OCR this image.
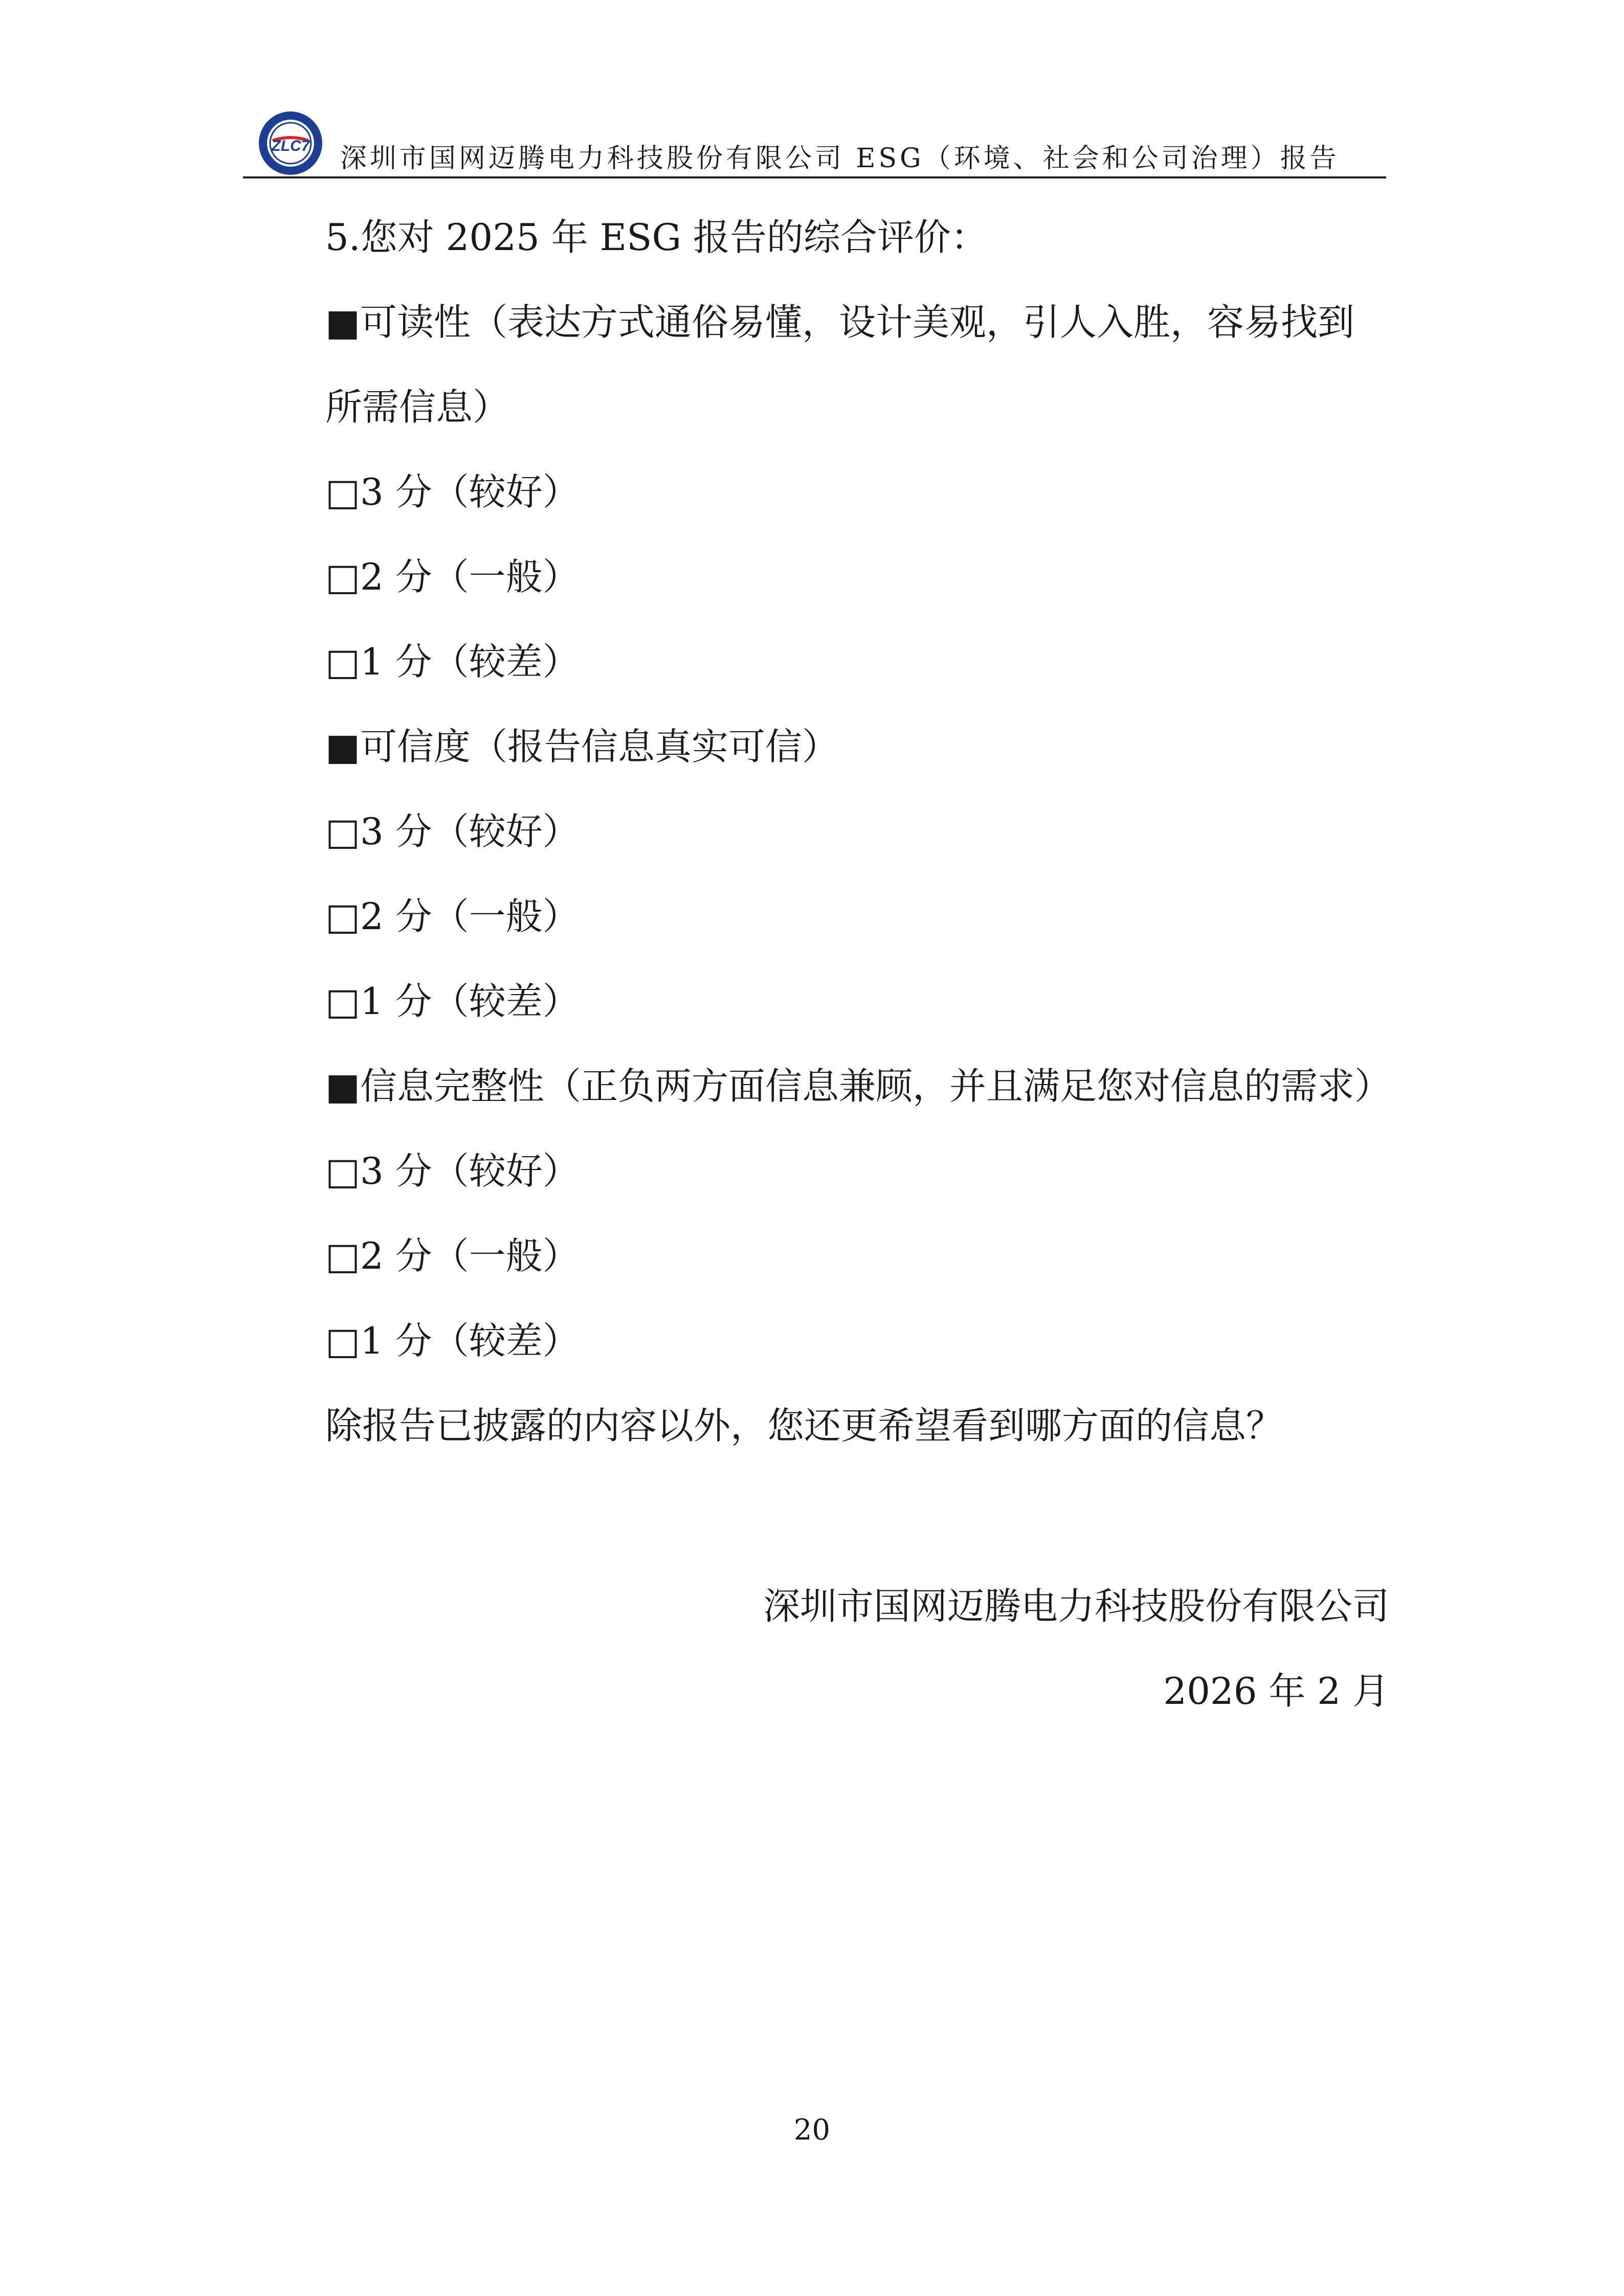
ZLC7 深圳市国网迈腾电力科技股份有限公司 ESG（环境、社会和公司治理）报告
5.您对 2025 年 ESG 报告的综合评价：
■可读性（表达方式通俗易懂，设计美观，引人入胜，容易找到
所需信息）
□3 分（较好）
□2 分（一般）
□1 分（较差）
■可信度（报告信息真实可信）
□3 分（较好）
□2 分（一般）
□1 分（较差）
■信息完整性（正负两方面信息兼顾，并且满足您对信息的需求）
□3 分（较好）
□2 分（一般）
□1 分（较差）
除报告已披露的内容以外，您还更希望看到哪方面的信息？
深圳市国网迈腾电力科技股份有限公司
2026 年 2 月
20
